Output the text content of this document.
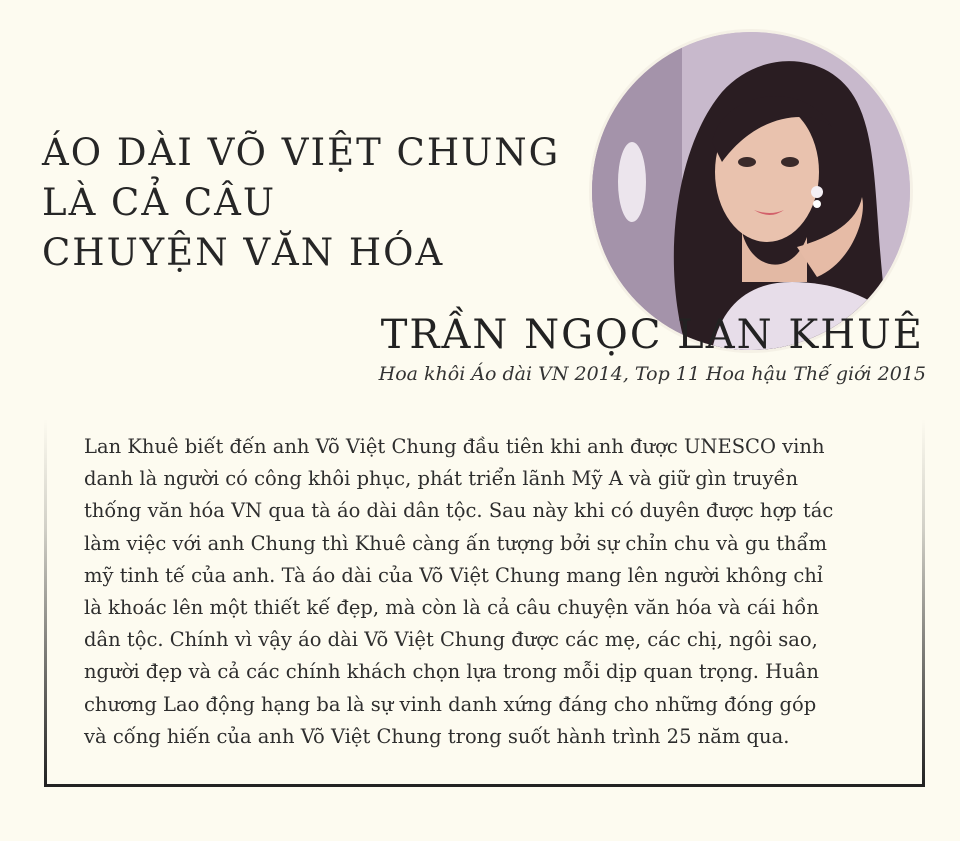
ÁO DÀI VÕ VIỆT CHUNG
LÀ CẢ CÂU
CHUYỆN VĂN HÓA
TRẦN NGỌC LAN KHUÊ

Hoa khôi Áo dài VN 2014, Top 11 Hoa hậu Thế giới 2015

Lan Khuê biết đến anh Võ Việt Chung đầu tiên khi anh được UNESCO vinh
danh là người có công khôi phục, phát triển lãnh Mỹ A và giữ gìn truyền
thống văn hóa VN qua tà áo dài dân tộc. Sau này khi có duyên được hợp tác
làm việc với anh Chung thì Khuê càng ấn tượng bởi sự chỉn chu và gu thẩm
mỹ tinh tế của anh. Tà áo dài của Võ Việt Chung mang lên người không chỉ
là khoác lên một thiết kế đẹp, mà còn là cả câu chuyện văn hóa và cái hồn
dân tộc. Chính vì vậy áo dài Võ Việt Chung được các mẹ, các chị, ngôi sao,
người đẹp và cả các chính khách chọn lựa trong mỗi dịp quan trọng. Huân
chương Lao động hạng ba là sự vinh danh xứng đáng cho những đóng góp
và cống hiến của anh Võ Việt Chung trong suốt hành trình 25 năm qua.
